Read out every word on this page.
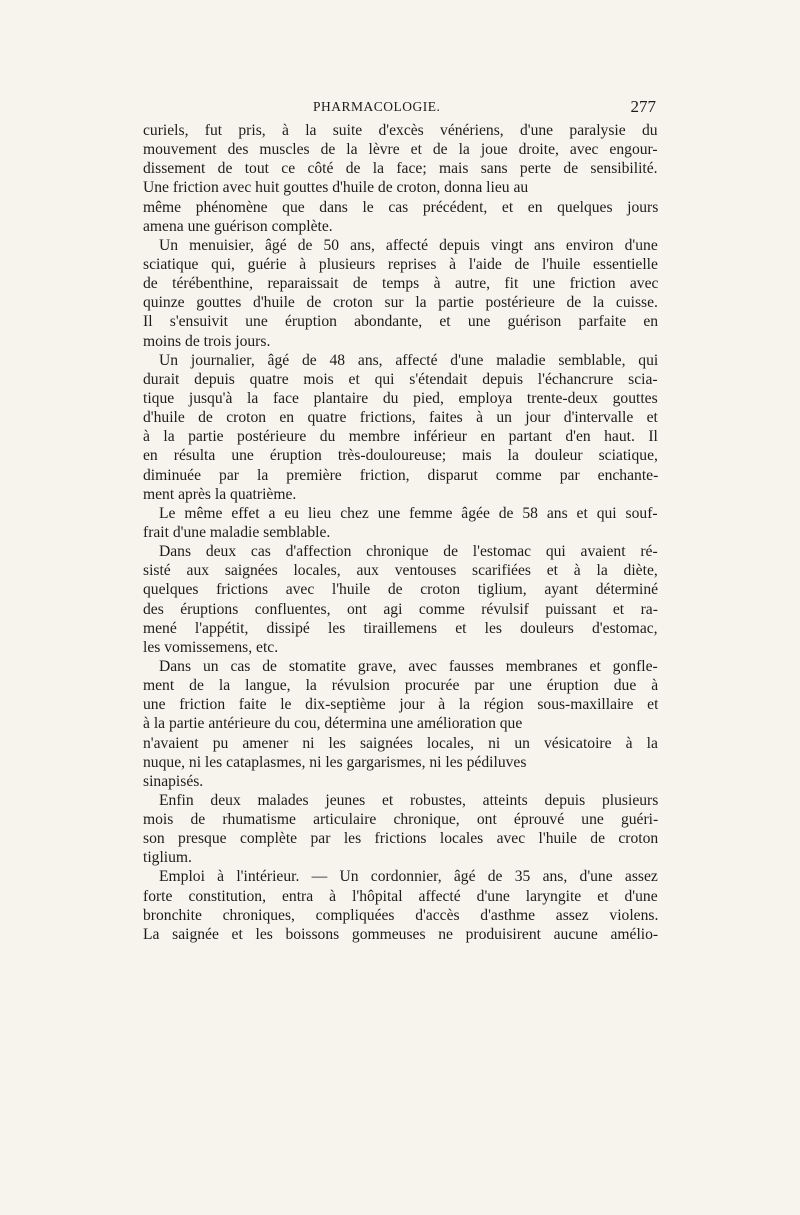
PHARMACOLOGIE.	277
curiels, fut pris, à la suite d'excès vénériens, d'une paralysie du
mouvement des muscles de la lèvre et de la joue droite, avec engour-
dissement de tout ce côté de la face; mais sans perte de sensibilité.
Une friction avec huit gouttes d'huile de croton, donna lieu au
même phénomène que dans le cas précédent, et en quelques jours
amena une guérison complète.
Un menuisier, âgé de 50 ans, affecté depuis vingt ans environ d'une
sciatique qui, guérie à plusieurs reprises à l'aide de l'huile essentielle
de térébenthine, reparaissait de temps à autre, fit une friction avec
quinze gouttes d'huile de croton sur la partie postérieure de la cuisse.
Il s'ensuivit une éruption abondante, et une guérison parfaite en
moins de trois jours.
Un journalier, âgé de 48 ans, affecté d'une maladie semblable, qui
durait depuis quatre mois et qui s'étendait depuis l'échancrure scia-
tique jusqu'à la face plantaire du pied, employa trente-deux gouttes
d'huile de croton en quatre frictions, faites à un jour d'intervalle et
à la partie postérieure du membre inférieur en partant d'en haut. Il
en résulta une éruption très-douloureuse; mais la douleur sciatique,
diminuée par la première friction, disparut comme par enchante-
ment après la quatrième.
Le même effet a eu lieu chez une femme âgée de 58 ans et qui souf-
frait d'une maladie semblable.
Dans deux cas d'affection chronique de l'estomac qui avaient ré-
sisté aux saignées locales, aux ventouses scarifiées et à la diète,
quelques frictions avec l'huile de croton tiglium, ayant déterminé
des éruptions confluentes, ont agi comme révulsif puissant et ra-
mené l'appétit, dissipé les tiraillemens et les douleurs d'estomac,
les vomissemens, etc.
Dans un cas de stomatite grave, avec fausses membranes et gonfle-
ment de la langue, la révulsion procurée par une éruption due à
une friction faite le dix-septième jour à la région sous-maxillaire et
à la partie antérieure du cou, détermina une amélioration que
n'avaient pu amener ni les saignées locales, ni un vésicatoire à la
nuque, ni les cataplasmes, ni les gargarismes, ni les pédiluves
sinapisés.
Enfin deux malades jeunes et robustes, atteints depuis plusieurs
mois de rhumatisme articulaire chronique, ont éprouvé une guéri-
son presque complète par les frictions locales avec l'huile de croton
tiglium.
Emploi à l'intérieur. — Un cordonnier, âgé de 35 ans, d'une assez
forte constitution, entra à l'hôpital affecté d'une laryngite et d'une
bronchite chroniques, compliquées d'accès d'asthme assez violens.
La saignée et les boissons gommeuses ne produisirent aucune amélio-
